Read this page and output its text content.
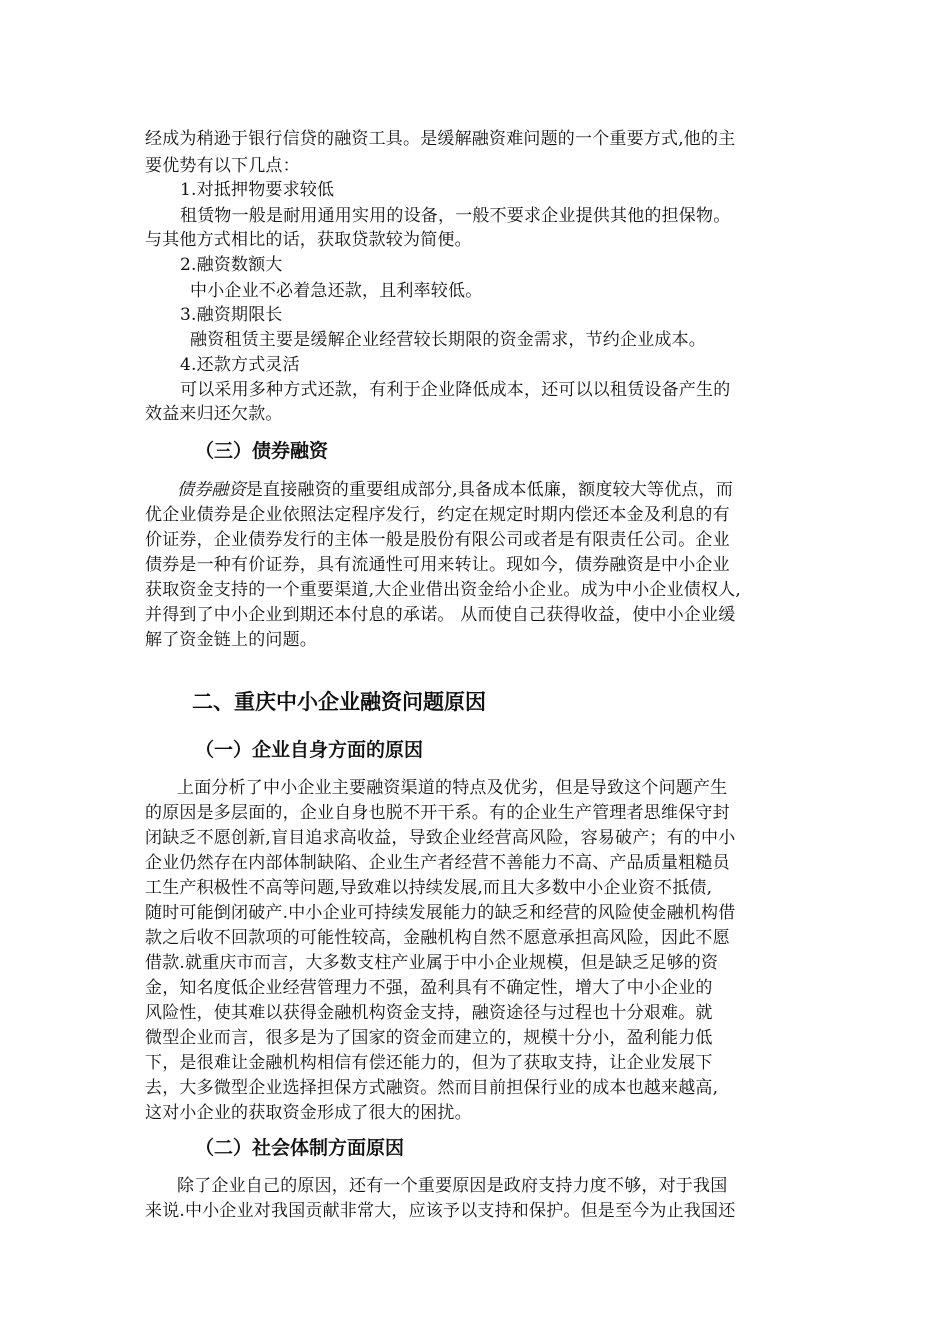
经成为稍逊于银行信贷的融资工具。是缓解融资难问题的一个重要方式,他的主
要优势有以下几点：
1.对抵押物要求较低
租赁物一般是耐用通用实用的设备，一般不要求企业提供其他的担保物。
与其他方式相比的话，获取贷款较为简便。
2.融资数额大
中小企业不必着急还款，且利率较低。
3.融资期限长
融资租赁主要是缓解企业经营较长期限的资金需求，节约企业成本。
4.还款方式灵活
可以采用多种方式还款，有利于企业降低成本，还可以以租赁设备产生的
效益来归还欠款。
（三）债券融资
债券融资是直接融资的重要组成部分,具备成本低廉，额度较大等优点，而
优企业债券是企业依照法定程序发行，约定在规定时期内偿还本金及利息的有
价证券，企业债券发行的主体一般是股份有限公司或者是有限责任公司。企业
债券是一种有价证券，具有流通性可用来转让。现如今，债券融资是中小企业
获取资金支持的一个重要渠道,大企业借出资金给小企业。成为中小企业债权人,
并得到了中小企业到期还本付息的承诺。 从而使自己获得收益，使中小企业缓
解了资金链上的问题。
二、重庆中小企业融资问题原因
（一）企业自身方面的原因
上面分析了中小企业主要融资渠道的特点及优劣，但是导致这个问题产生
的原因是多层面的，企业自身也脱不开干系。有的企业生产管理者思维保守封
闭缺乏不愿创新,盲目追求高收益，导致企业经营高风险，容易破产；有的中小
企业仍然存在内部体制缺陷、企业生产者经营不善能力不高、产品质量粗糙员
工生产积极性不高等问题,导致难以持续发展,而且大多数中小企业资不抵债,
随时可能倒闭破产.中小企业可持续发展能力的缺乏和经营的风险使金融机构借
款之后收不回款项的可能性较高，金融机构自然不愿意承担高风险，因此不愿
借款.就重庆市而言，大多数支柱产业属于中小企业规模，但是缺乏足够的资
金，知名度低企业经营管理力不强，盈利具有不确定性，增大了中小企业的
风险性，使其难以获得金融机构资金支持，融资途径与过程也十分艰难。就
微型企业而言，很多是为了国家的资金而建立的，规模十分小，盈利能力低
下，是很难让金融机构相信有偿还能力的，但为了获取支持，让企业发展下
去，大多微型企业选择担保方式融资。然而目前担保行业的成本也越来越高,
这对小企业的获取资金形成了很大的困扰。
（二）社会体制方面原因
除了企业自己的原因，还有一个重要原因是政府支持力度不够，对于我国
来说.中小企业对我国贡献非常大，应该予以支持和保护。但是至今为止我国还
